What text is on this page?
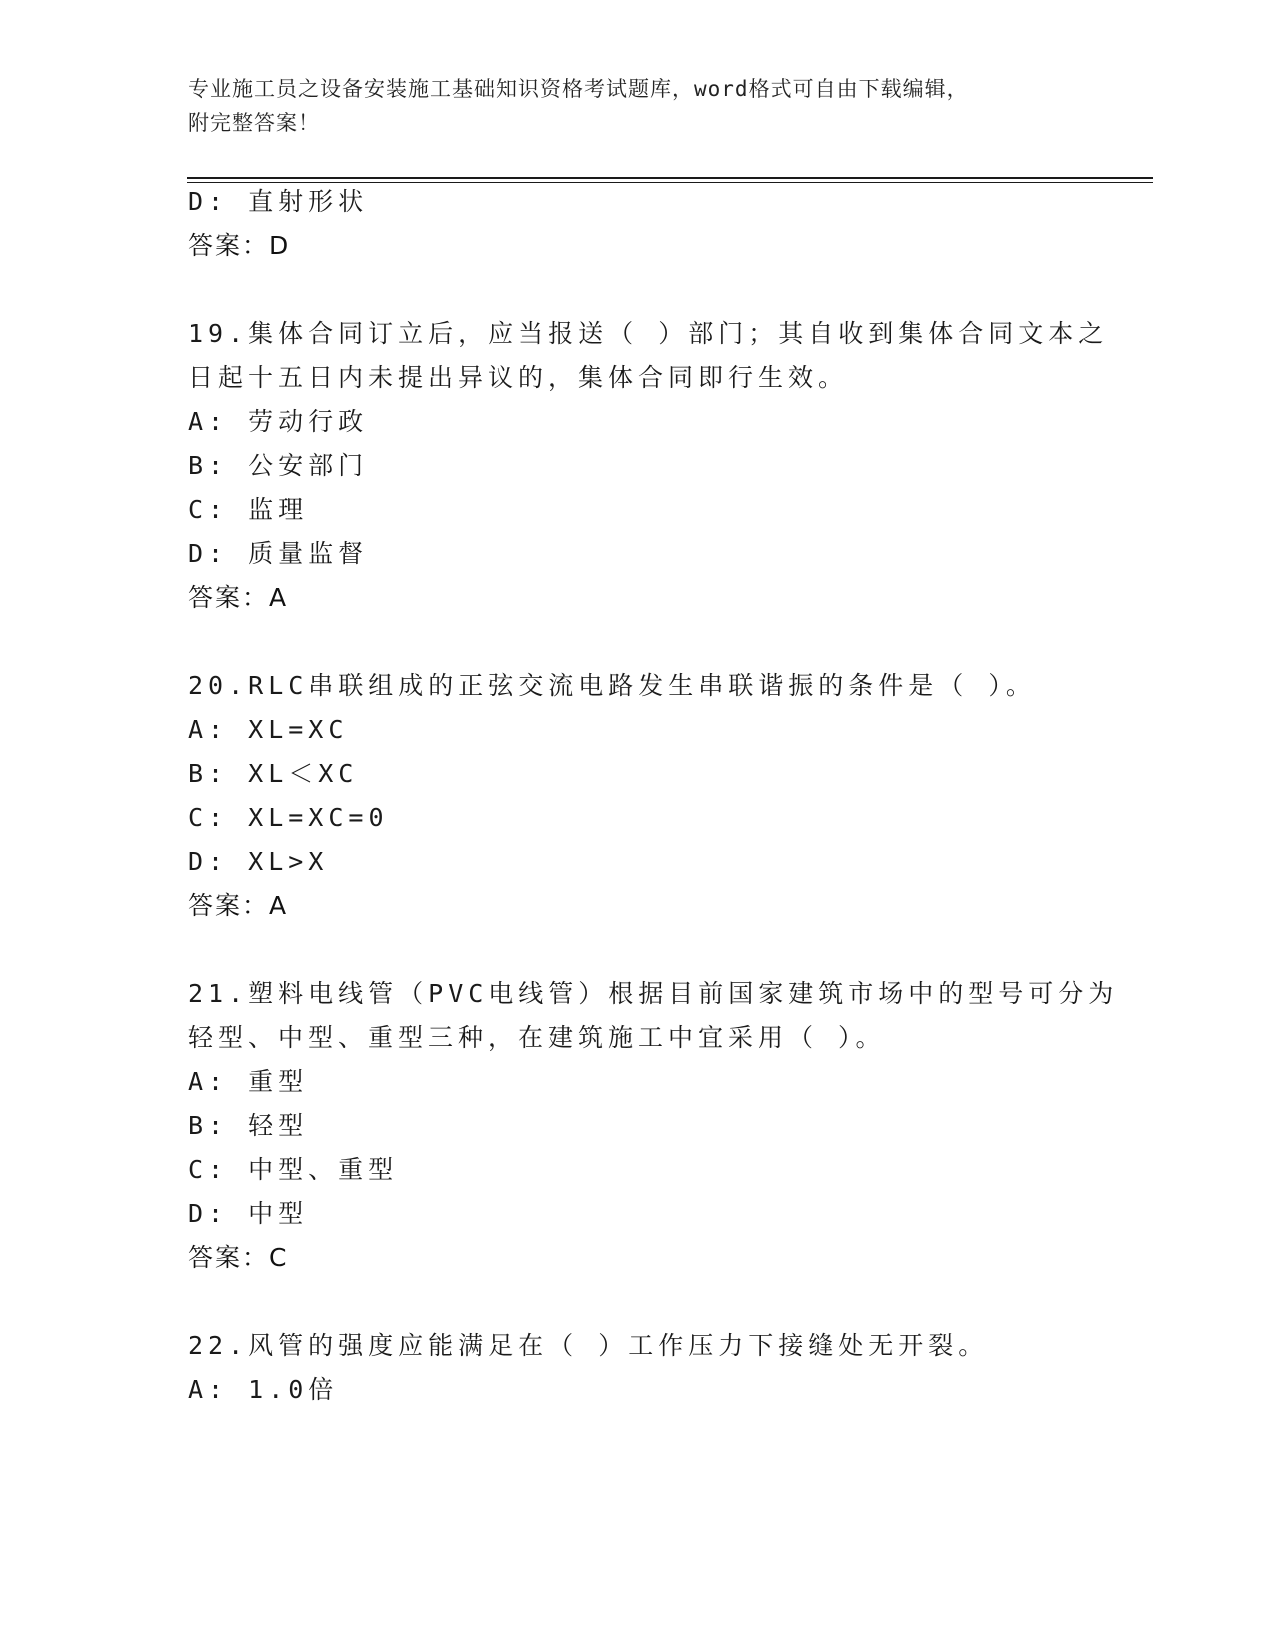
专业施工员之设备安装施工基础知识资格考试题库，word格式可自由下载编辑，
附完整答案！
D: 直射形状
答案：D
19.集体合同订立后，应当报送（ ）部门；其自收到集体合同文本之
日起十五日内未提出异议的，集体合同即行生效。
A: 劳动行政
B: 公安部门
C: 监理
D: 质量监督
答案：A
20.RLC串联组成的正弦交流电路发生串联谐振的条件是（ ）。
A: XL=XC
B: XL＜XC
C: XL=XC=0
D: XL>X
答案：A
21.塑料电线管（PVC电线管）根据目前国家建筑市场中的型号可分为
轻型、中型、重型三种，在建筑施工中宜采用（ ）。
A: 重型
B: 轻型
C: 中型、重型
D: 中型
答案：C
22.风管的强度应能满足在（ ）工作压力下接缝处无开裂。
A: 1.0倍
